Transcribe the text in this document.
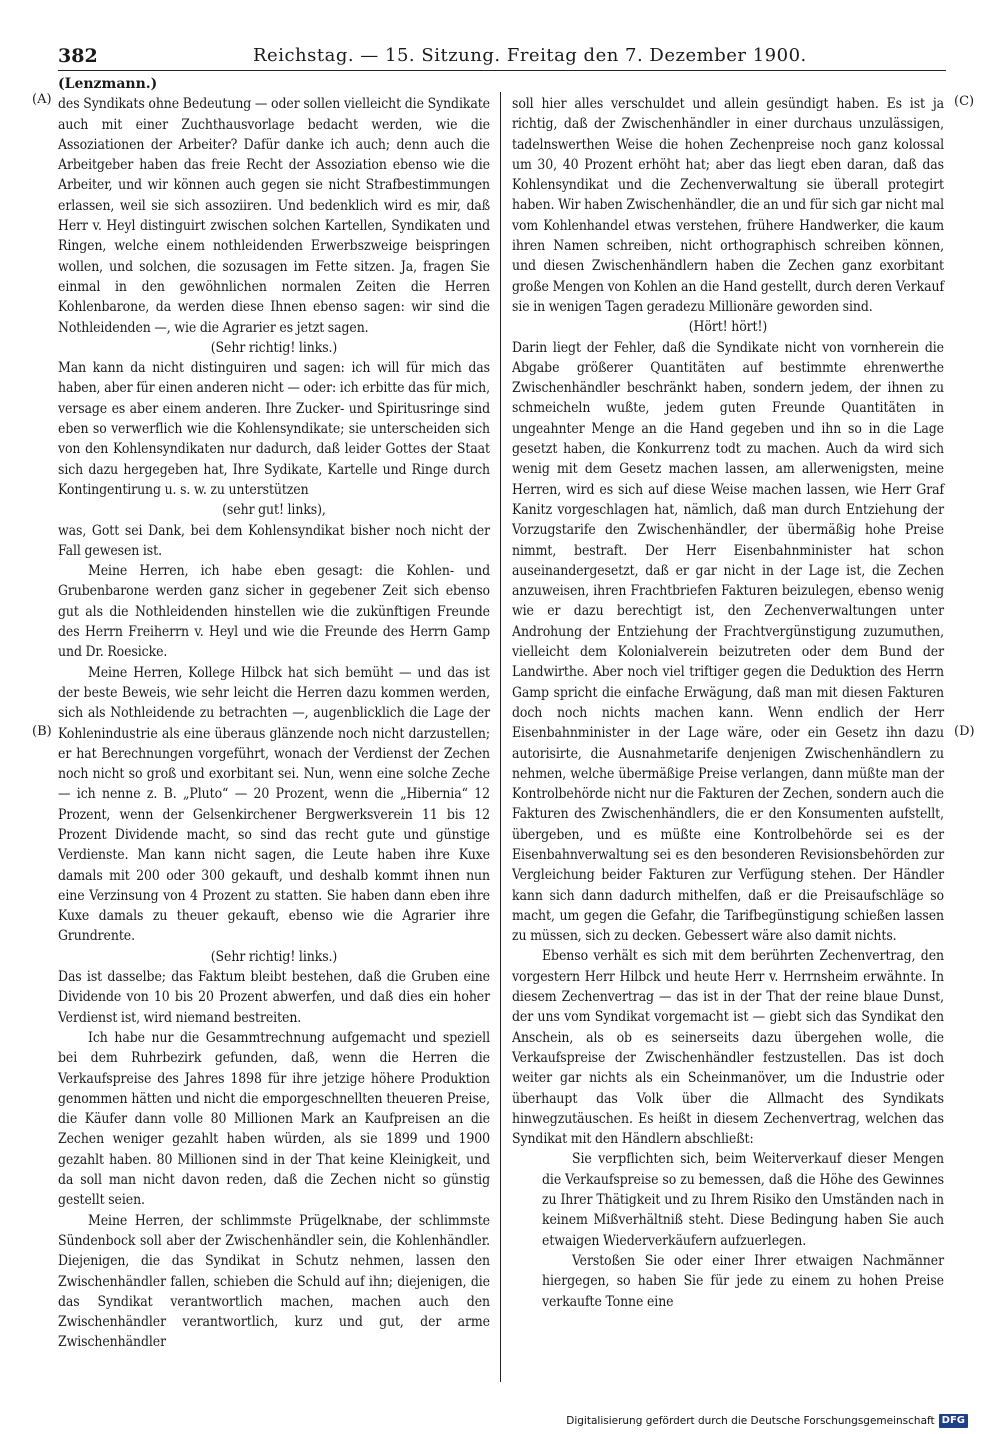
382	Reichstag. — 15. Sitzung. Freitag den 7. Dezember 1900.
(A)
(B)
(C)
(D)

(Lenzmann.)

des Syndikats ohne Bedeutung — oder sollen vielleicht die Syndikate auch mit einer Zuchthausvorlage bedacht werden, wie die Assoziationen der Arbeiter? Dafür danke ich auch; denn auch die Arbeitgeber haben das freie Recht der Assoziation ebenso wie die Arbeiter, und wir können auch gegen sie nicht Strafbestimmungen erlassen, weil sie sich assoziiren. Und bedenklich wird es mir, daß Herr v. Heyl distinguirt zwischen solchen Kartellen, Syndikaten und Ringen, welche einem nothleidenden Erwerbszweige beispringen wollen, und solchen, die sozusagen im Fette sitzen. Ja, fragen Sie einmal in den gewöhnlichen normalen Zeiten die Herren Kohlenbarone, da werden diese Ihnen ebenso sagen: wir sind die Nothleidenden —, wie die Agrarier es jetzt sagen.

(Sehr richtig! links.)

Man kann da nicht distinguiren und sagen: ich will für mich das haben, aber für einen anderen nicht — oder: ich erbitte das für mich, versage es aber einem anderen. Ihre Zucker- und Spiritusringe sind eben so verwerflich wie die Kohlensyndikate; sie unterscheiden sich von den Kohlensyndikaten nur dadurch, daß leider Gottes der Staat sich dazu hergegeben hat, Ihre Sydikate, Kartelle und Ringe durch Kontingentirung u. s. w. zu unterstützen

(sehr gut! links),

was, Gott sei Dank, bei dem Kohlensyndikat bisher noch nicht der Fall gewesen ist.

Meine Herren, ich habe eben gesagt: die Kohlen- und Grubenbarone werden ganz sicher in gegebener Zeit sich ebenso gut als die Nothleidenden hinstellen wie die zukünftigen Freunde des Herrn Freiherrn v. Heyl und wie die Freunde des Herrn Gamp und Dr. Roesicke.

Meine Herren, Kollege Hilbck hat sich bemüht — und das ist der beste Beweis, wie sehr leicht die Herren dazu kommen werden, sich als Nothleidende zu betrachten —, augenblicklich die Lage der Kohlenindustrie als eine überaus glänzende noch nicht darzustellen; er hat Berechnungen vorgeführt, wonach der Verdienst der Zechen noch nicht so groß und exorbitant sei. Nun, wenn eine solche Zeche — ich nenne z. B. „Pluto“ — 20 Prozent, wenn die „Hibernia“ 12 Prozent, wenn der Gelsenkirchener Bergwerksverein 11 bis 12 Prozent Dividende macht, so sind das recht gute und günstige Verdienste. Man kann nicht sagen, die Leute haben ihre Kuxe damals mit 200 oder 300 gekauft, und deshalb kommt ihnen nun eine Verzinsung von 4 Prozent zu statten. Sie haben dann eben ihre Kuxe damals zu theuer gekauft, ebenso wie die Agrarier ihre Grundrente.

(Sehr richtig! links.)

Das ist dasselbe; das Faktum bleibt bestehen, daß die Gruben eine Dividende von 10 bis 20 Prozent abwerfen, und daß dies ein hoher Verdienst ist, wird niemand bestreiten.

Ich habe nur die Gesammtrechnung aufgemacht und speziell bei dem Ruhrbezirk gefunden, daß, wenn die Herren die Verkaufspreise des Jahres 1898 für ihre jetzige höhere Produktion genommen hätten und nicht die emporgeschnellten theueren Preise, die Käufer dann volle 80 Millionen Mark an Kaufpreisen an die Zechen weniger gezahlt haben würden, als sie 1899 und 1900 gezahlt haben. 80 Millionen sind in der That keine Kleinigkeit, und da soll man nicht davon reden, daß die Zechen nicht so günstig gestellt seien.

Meine Herren, der schlimmste Prügelknabe, der schlimmste Sündenbock soll aber der Zwischenhändler sein, die Kohlenhändler. Diejenigen, die das Syndikat in Schutz nehmen, lassen den Zwischenhändler fallen, schieben die Schuld auf ihn; diejenigen, die das Syndikat verantwortlich machen, machen auch den Zwischenhändler verantwortlich, kurz und gut, der arme Zwischenhändler

soll hier alles verschuldet und allein gesündigt haben. Es ist ja richtig, daß der Zwischenhändler in einer durchaus unzulässigen, tadelnswerthen Weise die hohen Zechenpreise noch ganz kolossal um 30, 40 Prozent erhöht hat; aber das liegt eben daran, daß das Kohlensyndikat und die Zechenverwaltung sie überall protegirt haben. Wir haben Zwischenhändler, die an und für sich gar nicht mal vom Kohlenhandel etwas verstehen, frühere Handwerker, die kaum ihren Namen schreiben, nicht orthographisch schreiben können, und diesen Zwischenhändlern haben die Zechen ganz exorbitant große Mengen von Kohlen an die Hand gestellt, durch deren Verkauf sie in wenigen Tagen geradezu Millionäre geworden sind.

(Hört! hört!)

Darin liegt der Fehler, daß die Syndikate nicht von vornherein die Abgabe größerer Quantitäten auf bestimmte ehrenwerthe Zwischenhändler beschränkt haben, sondern jedem, der ihnen zu schmeicheln wußte, jedem guten Freunde Quantitäten in ungeahnter Menge an die Hand gegeben und ihn so in die Lage gesetzt haben, die Konkurrenz todt zu machen. Auch da wird sich wenig mit dem Gesetz machen lassen, am allerwenigsten, meine Herren, wird es sich auf diese Weise machen lassen, wie Herr Graf Kanitz vorgeschlagen hat, nämlich, daß man durch Entziehung der Vorzugstarife den Zwischenhändler, der übermäßig hohe Preise nimmt, bestraft. Der Herr Eisenbahnminister hat schon auseinandergesetzt, daß er gar nicht in der Lage ist, die Zechen anzuweisen, ihren Frachtbriefen Fakturen beizulegen, ebenso wenig wie er dazu berechtigt ist, den Zechenverwaltungen unter Androhung der Entziehung der Frachtvergünstigung zuzumuthen, vielleicht dem Kolonialverein beizutreten oder dem Bund der Landwirthe. Aber noch viel triftiger gegen die Deduktion des Herrn Gamp spricht die einfache Erwägung, daß man mit diesen Fakturen doch noch nichts machen kann. Wenn endlich der Herr Eisenbahnminister in der Lage wäre, oder ein Gesetz ihn dazu autorisirte, die Ausnahmetarife denjenigen Zwischenhändlern zu nehmen, welche übermäßige Preise verlangen, dann müßte man der Kontrolbehörde nicht nur die Fakturen der Zechen, sondern auch die Fakturen des Zwischenhändlers, die er den Konsumenten aufstellt, übergeben, und es müßte eine Kontrolbehörde sei es der Eisenbahnverwaltung sei es den besonderen Revisionsbehörden zur Vergleichung beider Fakturen zur Verfügung stehen. Der Händler kann sich dann dadurch mithelfen, daß er die Preisaufschläge so macht, um gegen die Gefahr, die Tarifbegünstigung schießen lassen zu müssen, sich zu decken. Gebessert wäre also damit nichts.

Ebenso verhält es sich mit dem berührten Zechenvertrag, den vorgestern Herr Hilbck und heute Herr v. Herrnsheim erwähnte. In diesem Zechenvertrag — das ist in der That der reine blaue Dunst, der uns vom Syndikat vorgemacht ist — giebt sich das Syndikat den Anschein, als ob es seinerseits dazu übergehen wolle, die Verkaufspreise der Zwischenhändler festzustellen. Das ist doch weiter gar nichts als ein Scheinmanöver, um die Industrie oder überhaupt das Volk über die Allmacht des Syndikats hinwegzutäuschen. Es heißt in diesem Zechenvertrag, welchen das Syndikat mit den Händlern abschließt:

Sie verpflichten sich, beim Weiterverkauf dieser Mengen die Verkaufspreise so zu bemessen, daß die Höhe des Gewinnes zu Ihrer Thätigkeit und zu Ihrem Risiko den Umständen nach in keinem Mißverhältniß steht. Diese Bedingung haben Sie auch etwaigen Wiederverkäufern aufzuerlegen.

Verstoßen Sie oder einer Ihrer etwaigen Nachmänner hiergegen, so haben Sie für jede zu einem zu hohen Preise verkaufte Tonne eine

Digitalisierung gefördert durch die Deutsche Forschungsgemeinschaft DFG
